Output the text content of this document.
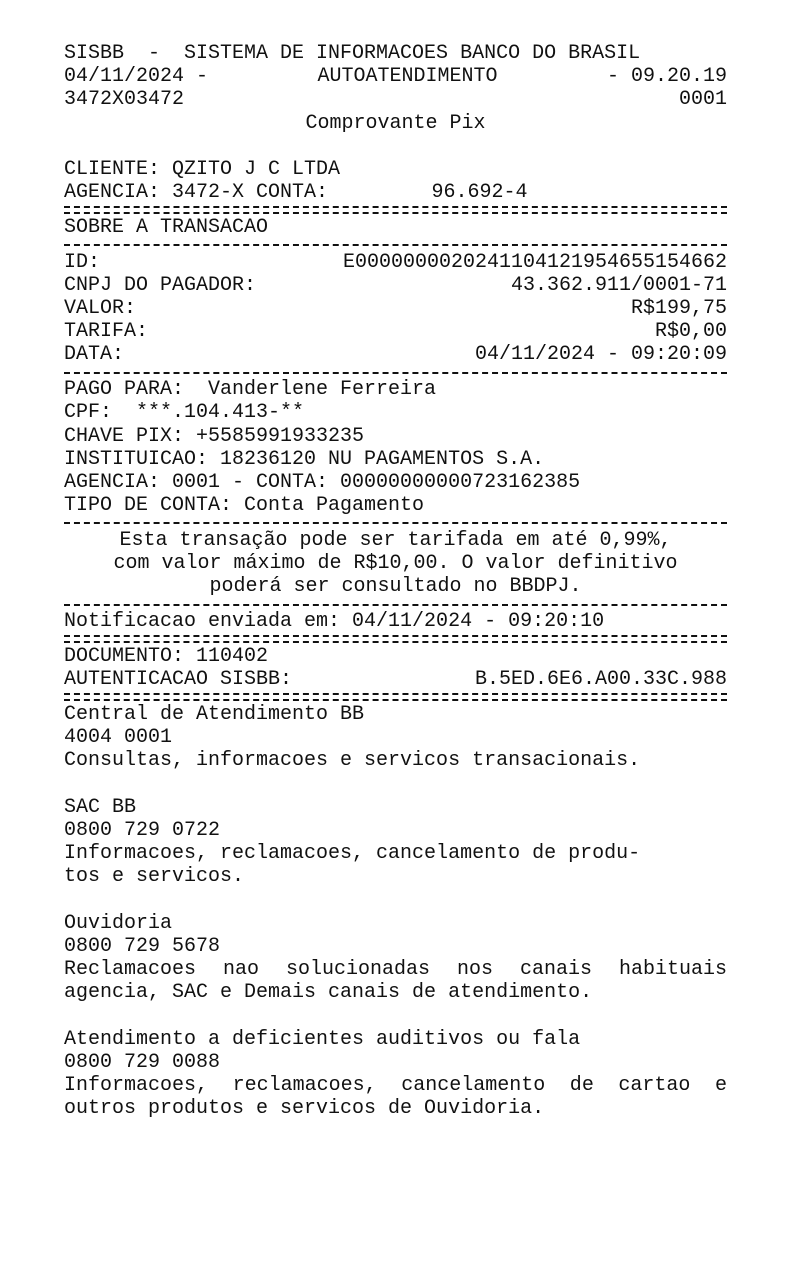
SISBB  -  SISTEMA DE INFORMACOES BANCO DO BRASIL
04/11/2024 -	AUTOATENDIMENTO	- 09.20.19
3472X03472	0001
Comprovante Pix
CLIENTE: QZITO J C LTDA
AGENCIA: 3472-X CONTA:	96.692-4
SOBRE A TRANSACAO
ID:	E0000000020241104121954655154662
CNPJ DO PAGADOR:	43.362.911/0001-71
VALOR:	R$199,75
TARIFA:	R$0,00
DATA:	04/11/2024 - 09:20:09
PAGO PARA:  Vanderlene Ferreira
CPF:  ***.104.413-**
CHAVE PIX: +5585991933235
INSTITUICAO: 18236120 NU PAGAMENTOS S.A.
AGENCIA: 0001 - CONTA: 00000000000723162385
TIPO DE CONTA: Conta Pagamento
Esta transação pode ser tarifada em até 0,99%,
com valor máximo de R$10,00. O valor definitivo
poderá ser consultado no BBDPJ.
Notificacao enviada em: 04/11/2024 - 09:20:10
DOCUMENTO: 110402
AUTENTICACAO SISBB:	B.5ED.6E6.A00.33C.988
Central de Atendimento BB
4004 0001
Consultas, informacoes e servicos transacionais.
SAC BB
0800 729 0722
Informacoes, reclamacoes, cancelamento de produ-
tos e servicos.
Ouvidoria
0800 729 5678
Reclamacoes nao solucionadas nos canais habituais agencia, SAC e Demais canais de atendimento.
Atendimento a deficientes auditivos ou fala
0800 729 0088
Informacoes, reclamacoes, cancelamento de cartao e outros produtos e servicos de Ouvidoria.
